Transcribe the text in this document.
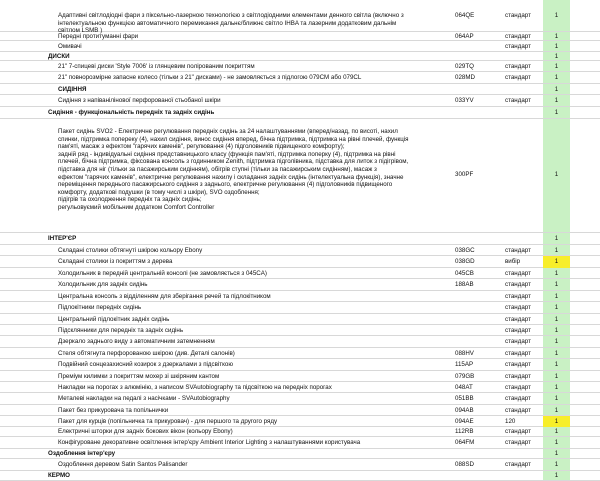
Адаптивні світлодіодні фари з піксельно-лазерною технологією з світлодіодними елементами денного світла (включно з
інтелектуальною функцією автоматичного перемикання дальнє/ближнє світло IHBA та лазерним додатковим дальнім
світлом LSMB )
064QE	стандарт	1
Передні протитуманні фари	064AP	стандарт	1
Омивачі	стандарт	1
ДИСКИ	1
21" 7-спицеві диски 'Style 7006' із глянцевим полірованим покриттям	029TQ	стандарт	1
21" повнорозмірне запасне колесо (тільки з 21" дисками) - не замовляється з підлогою 079CM або 079CL	028MD	стандарт	1
СИДІННЯ	1
Сидіння з напіванілінової перфорованої стьобаної шкіри	033YV	стандарт	1
Сидіння - функціональність передніх та задніх сидінь	1
Пакет сидінь SVO2 - Електричне регулювання передніх сидінь за 24 налаштуваннями (вперед/назад, по висоті, нахил
спинки, підтримка попереку (4), нахил сидіння, винос сидіння вперед, бічна підтримка, підтримка на рівні плечей, функція
пам'яті, масаж з ефектом "гарячих каменів", регулювання (4) підголовників підвищеного комфорту);
задній ряд - індивідуальні сидіння представницького класу (функція пам'яті, підтримка поперку (4), підтримка на рівні
плечей, бічна підтримка, фіксована консоль з годинником Zenith, підтримка підголівника, підставка для литок з підігрівом,
підставка для ніг (тільки за пасажирським сидінням), обігрів ступні (тільки за пасажирським сидінням), масаж з
ефектом "гарячих каменів", електричне регулювання нахилу і складання задніх сидінь (інтелектуальна функція), значне
переміщення переднього пасажирського сидіння з заднього, електричне регулювання (4) підголовників підвищеного
комфорту, додаткові подушки (в тому числі з шкіри), SVO оздоблення;
підігрів та охолодження передніх та задніх сидінь;
регульовуємий мобільним додатком Comfort Controller
300PF	1
ІНТЕР'ЄР	1
Складані столики обтягнуті шкірою кольору Ebony	038GC	стандарт	1
Складані столики із покриттям з дерева	038GD	вибір	1
Холодильник в передній центральній консолі (не замовляється з 045CA)	045CB	стандарт	1
Холодильник для задніх сидінь	188AB	стандарт	1
Центральна консоль з відділенням для зберігання речей та підлокітником	стандарт	1
Підлокітники передніх сидінь	стандарт	1
Центральний підлокітник задніх сидінь	стандарт	1
Підсклянники для передніх та задніх сидінь	стандарт	1
Дзеркало заднього виду з автоматичним затемненням	стандарт	1
Стеля обтягнута перфорованою шкірою (див. Деталі салонів)	088HV	стандарт	1
Подвійний сонцезахисний козирок з дзеркалами з підсвіткою	115AP	стандарт	1
Преміум килимки з покриттям мохер зі шкіряним кантом	079GB	стандарт	1
Накладки на порогах з алюмінію, з написом SVAutobiography та підсвіткою на передніх порогах	048AT	стандарт	1
Металеві накладки на педалі з насічками - SVAutobiography	051BB	стандарт	1
Пакет без прикуровача та попільнички	094AB	стандарт	1
Пакет для курців (попільничка та прикуровач) - для першого та другого ряду	094AE	120	1
Електричні шторки для задніх бокових вікон (кольору Ebony)	112RB	стандарт	1
Конфігуроване декоративне освітлення інтер'єру Ambient Interior Lighting з налаштуваннями користувача	064FM	стандарт	1
Оздоблення інтер'єру	1
Оздоблення деревом Satin Santos Palisander	088SD	стандарт	1
КЕРМО	1
